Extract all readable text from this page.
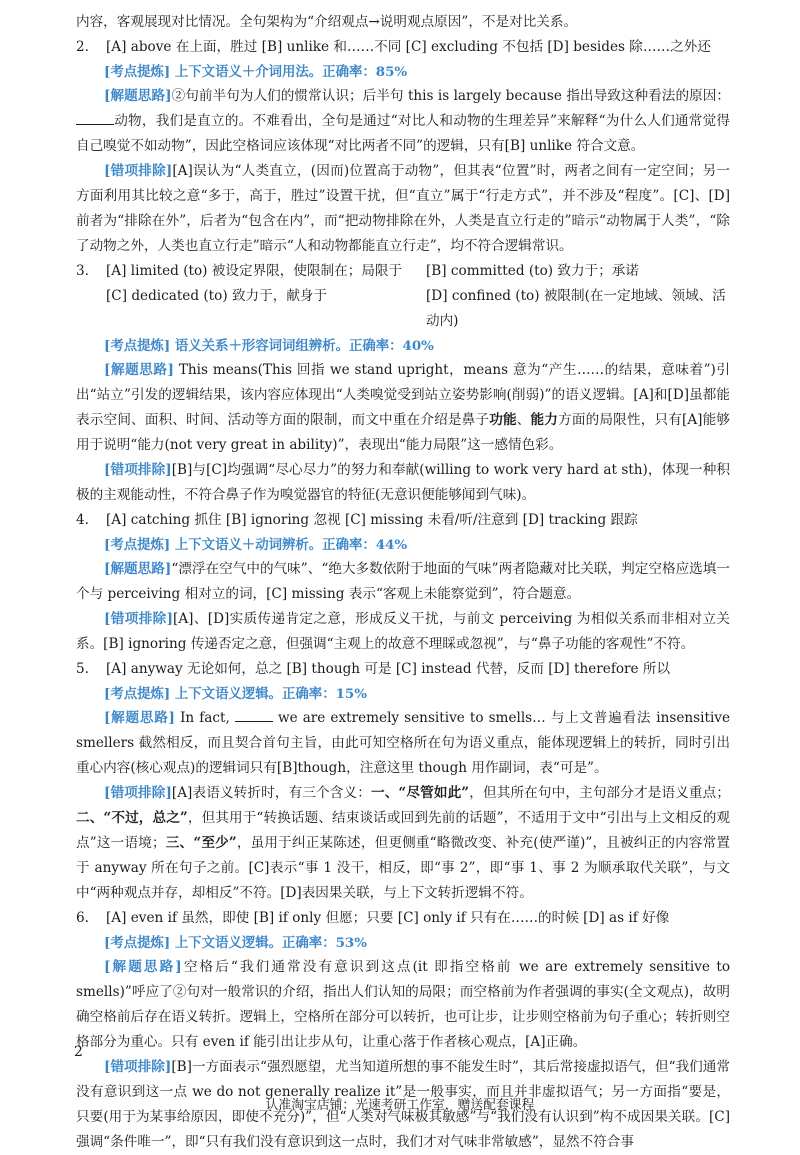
内容，客观展现对比情况。全句架构为“介绍观点→说明观点原因”，不是对比关系。

2.	[A] above 在上面，胜过 [B] unlike 和……不同 [C] excluding 不包括 [D] besides 除……之外还

[考点提炼] 上下文语义＋介词用法。正确率：85%

[解题思路]②句前半句为人们的惯常认识；后半句 this is largely because 指出导致这种看法的原因：动物，我们是直立的。不难看出，全句是通过“对比人和动物的生理差异”来解释“为什么人们通常觉得自己嗅觉不如动物”，因此空格词应该体现“对比两者不同”的逻辑，只有[B] unlike 符合文意。

[错项排除][A]误认为“人类直立，(因而)位置高于动物”，但其表“位置”时，两者之间有一定空间；另一方面利用其比较之意“多于，高于，胜过”设置干扰，但“直立”属于“行走方式”，并不涉及“程度”。[C]、[D]前者为“排除在外”，后者为“包含在内”，而“把动物排除在外，人类是直立行走的”暗示“动物属于人类”，“除了动物之外，人类也直立行走”暗示“人和动物都能直立行走”，均不符合逻辑常识。

3.	[A] limited (to) 被设定界限，使限制在；局限于	[B] committed (to) 致力于；承诺
[C] dedicated (to) 致力于，献身于	[D] confined (to) 被限制(在一定地域、领域、活动内)

[考点提炼] 语义关系＋形容词词组辨析。正确率：40%

[解题思路] This means(This 回指 we stand upright，means 意为“产生……的结果，意味着”)引出“站立”引发的逻辑结果，该内容应体现出“人类嗅觉受到站立姿势影响(削弱)”的语义逻辑。[A]和[D]虽都能表示空间、面积、时间、活动等方面的限制，而文中重在介绍是鼻子功能、能力方面的局限性，只有[A]能够用于说明“能力(not very great in ability)”，表现出“能力局限”这一感情色彩。

[错项排除][B]与[C]均强调“尽心尽力”的努力和奉献(willing to work very hard at sth)，体现一种积极的主观能动性，不符合鼻子作为嗅觉器官的特征(无意识便能够闻到气味)。

4.	[A] catching 抓住 [B] ignoring 忽视 [C] missing 未看/听/注意到 [D] tracking 跟踪

[考点提炼] 上下文语义＋动词辨析。正确率：44%

[解题思路]“漂浮在空气中的气味”、“绝大多数依附于地面的气味”两者隐藏对比关联，判定空格应选填一个与 perceiving 相对立的词，[C] missing 表示“客观上未能察觉到”，符合题意。

[错项排除][A]、[D]实质传递肯定之意，形成反义干扰，与前文 perceiving 为相似关系而非相对立关系。[B] ignoring 传递否定之意，但强调“主观上的故意不理睬或忽视”，与“鼻子功能的客观性”不符。

5.	[A] anyway 无论如何，总之 [B] though 可是 [C] instead 代替，反而 [D] therefore 所以

[考点提炼] 上下文语义逻辑。正确率：15%

[解题思路] In fact,	we are extremely sensitive to smells… 与上文普遍看法 insensitive smellers 截然相反，而且契合首句主旨，由此可知空格所在句为语义重点，能体现逻辑上的转折，同时引出重心内容(核心观点)的逻辑词只有[B]though，注意这里 though 用作副词，表“可是”。

[错项排除][A]表语义转折时，有三个含义：一、“尽管如此”，但其所在句中，主句部分才是语义重点；二、“不过，总之”，但其用于“转换话题、结束谈话或回到先前的话题”，不适用于文中“引出与上文相反的观点”这一语境；三、“至少”，虽用于纠正某陈述，但更侧重“略微改变、补充(使严谨)”，且被纠正的内容常置于 anyway 所在句子之前。[C]表示“事 1 没干，相反，即“事 2”，即“事 1、事 2 为顺承取代关联”，与文中“两种观点并存，却相反”不符。[D]表因果关联，与上下文转折逻辑不符。

6.	[A] even if 虽然，即使 [B] if only 但愿；只要 [C] only if 只有在……的时候 [D] as if 好像

[考点提炼] 上下文语义逻辑。正确率：53%

[解题思路]空格后“我们通常没有意识到这点(it 即指空格前 we are extremely sensitive to smells)”呼应了②句对一般常识的介绍，指出人们认知的局限；而空格前为作者强调的事实(全文观点)，故明确空格前后存在语义转折。逻辑上，空格所在部分可以转折，也可让步，让步则空格前为句子重心；转折则空格部分为重心。只有 even if 能引出让步从句，让重心落于作者核心观点，[A]正确。

[错项排除][B]一方面表示“强烈愿望，尤当知道所想的事不能发生时”，其后常接虚拟语气，但“我们通常没有意识到这一点 we do not generally realize it”是一般事实，而且并非虚拟语气；另一方面指“要是，只要(用于为某事给原因，即使不充分)”，但“人类对气味极其敏感”与“我们没有认识到”构不成因果关联。[C]强调“条件唯一”，即“只有我们没有意识到这一点时，我们才对气味非常敏感”，显然不符合事

2
认准淘宝店铺：光速考研工作室，赠送配套课程
